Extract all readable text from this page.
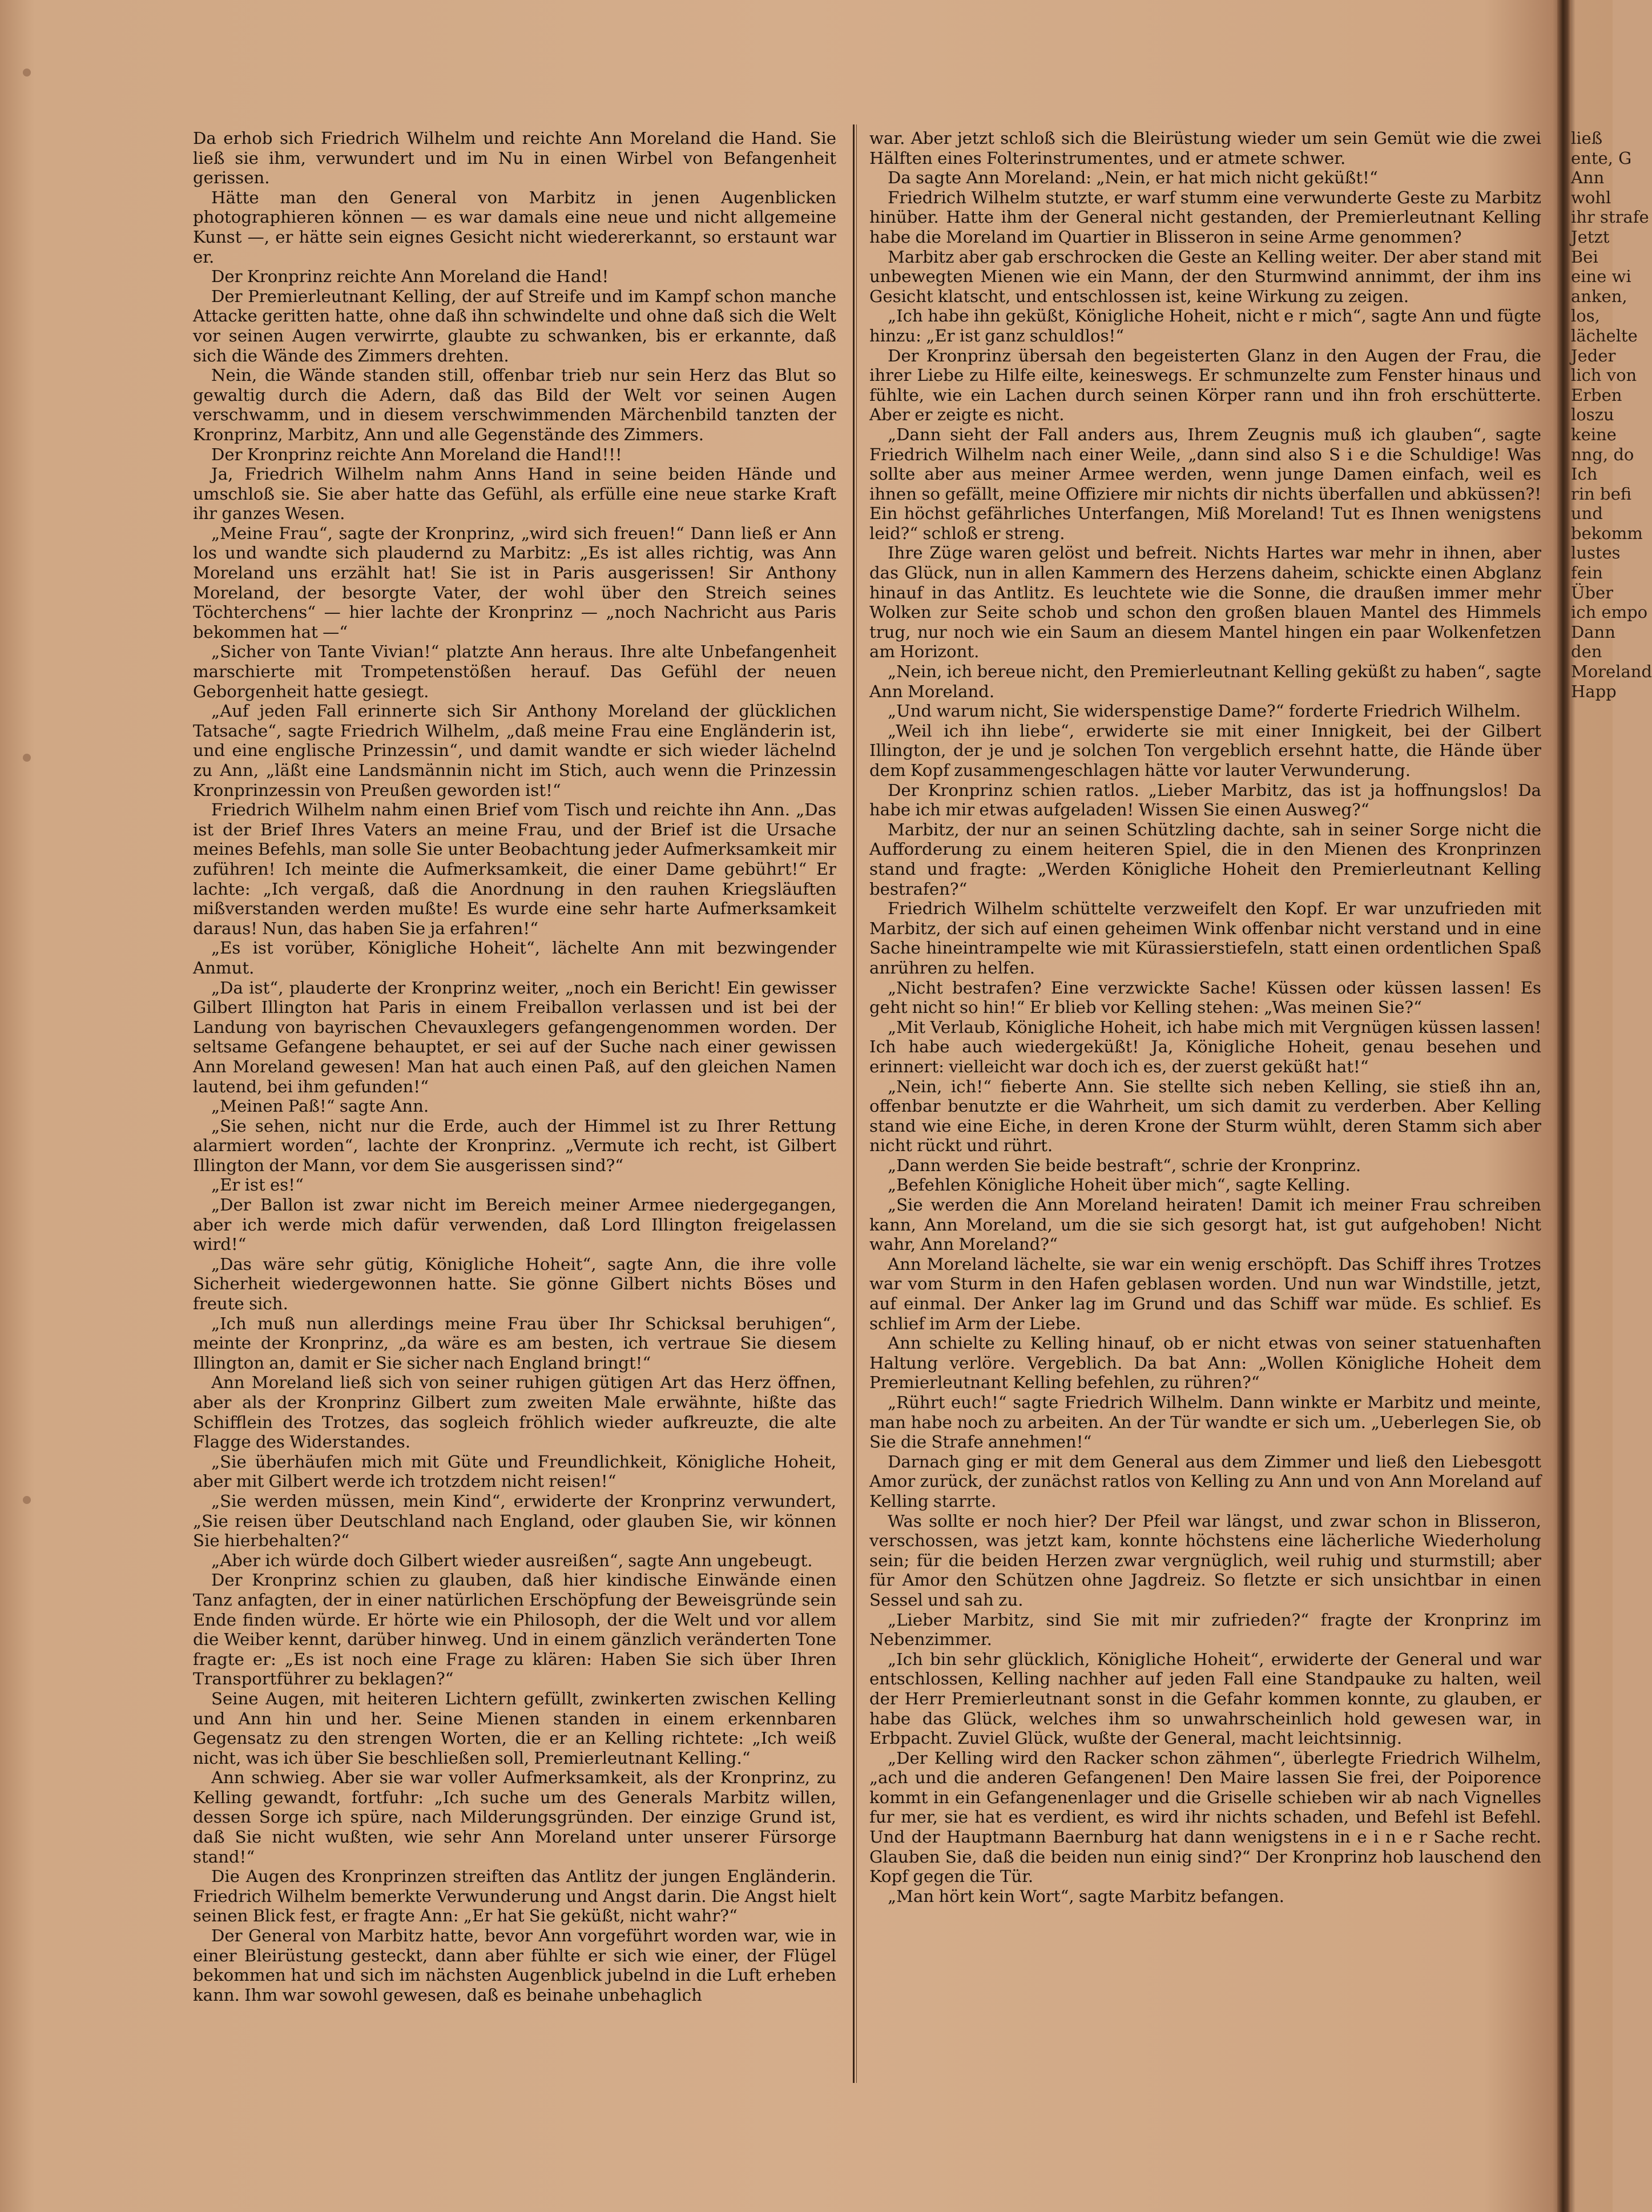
Da erhob sich Friedrich Wilhelm und reichte Ann Moreland die Hand. Sie ließ sie ihm, verwundert und im Nu in einen Wirbel von Befangenheit gerissen.

Hätte man den General von Marbitz in jenen Augenblicken photographieren können — es war damals eine neue und nicht allgemeine Kunst —, er hätte sein eignes Gesicht nicht wiedererkannt, so erstaunt war er.

Der Kronprinz reichte Ann Moreland die Hand!

Der Premierleutnant Kelling, der auf Streife und im Kampf schon manche Attacke geritten hatte, ohne daß ihn schwindelte und ohne daß sich die Welt vor seinen Augen verwirrte, glaubte zu schwanken, bis er erkannte, daß sich die Wände des Zimmers drehten.

Nein, die Wände standen still, offenbar trieb nur sein Herz das Blut so gewaltig durch die Adern, daß das Bild der Welt vor seinen Augen verschwamm, und in diesem verschwimmenden Märchenbild tanzten der Kronprinz, Marbitz, Ann und alle Gegenstände des Zimmers.

Der Kronprinz reichte Ann Moreland die Hand!!!

Ja, Friedrich Wilhelm nahm Anns Hand in seine beiden Hände und umschloß sie. Sie aber hatte das Gefühl, als erfülle eine neue starke Kraft ihr ganzes Wesen.

„Meine Frau“, sagte der Kronprinz, „wird sich freuen!“ Dann ließ er Ann los und wandte sich plaudernd zu Marbitz: „Es ist alles richtig, was Ann Moreland uns erzählt hat! Sie ist in Paris ausgerissen! Sir Anthony Moreland, der besorgte Vater, der wohl über den Streich seines Töchterchens“ — hier lachte der Kronprinz — „noch Nachricht aus Paris bekommen hat —“

„Sicher von Tante Vivian!“ platzte Ann heraus. Ihre alte Unbefangenheit marschierte mit Trompetenstößen herauf. Das Gefühl der neuen Geborgenheit hatte gesiegt.

„Auf jeden Fall erinnerte sich Sir Anthony Moreland der glücklichen Tatsache“, sagte Friedrich Wilhelm, „daß meine Frau eine Engländerin ist, und eine englische Prinzessin“, und damit wandte er sich wieder lächelnd zu Ann, „läßt eine Landsmännin nicht im Stich, auch wenn die Prinzessin Kronprinzessin von Preußen geworden ist!“

Friedrich Wilhelm nahm einen Brief vom Tisch und reichte ihn Ann. „Das ist der Brief Ihres Vaters an meine Frau, und der Brief ist die Ursache meines Befehls, man solle Sie unter Beobachtung jeder Aufmerksamkeit mir zuführen! Ich meinte die Aufmerksamkeit, die einer Dame gebührt!“ Er lachte: „Ich vergaß, daß die Anordnung in den rauhen Kriegsläuften mißverstanden werden mußte! Es wurde eine sehr harte Aufmerksamkeit daraus! Nun, das haben Sie ja erfahren!“

„Es ist vorüber, Königliche Hoheit“, lächelte Ann mit bezwingender Anmut.

„Da ist“, plauderte der Kronprinz weiter, „noch ein Bericht! Ein gewisser Gilbert Illington hat Paris in einem Freiballon verlassen und ist bei der Landung von bayrischen Chevauxlegers gefangengenommen worden. Der seltsame Gefangene behauptet, er sei auf der Suche nach einer gewissen Ann Moreland gewesen! Man hat auch einen Paß, auf den gleichen Namen lautend, bei ihm gefunden!“

„Meinen Paß!“ sagte Ann.

„Sie sehen, nicht nur die Erde, auch der Himmel ist zu Ihrer Rettung alarmiert worden“, lachte der Kronprinz. „Vermute ich recht, ist Gilbert Illington der Mann, vor dem Sie ausgerissen sind?“

„Er ist es!“

„Der Ballon ist zwar nicht im Bereich meiner Armee niedergegangen, aber ich werde mich dafür verwenden, daß Lord Illington freigelassen wird!“

„Das wäre sehr gütig, Königliche Hoheit“, sagte Ann, die ihre volle Sicherheit wiedergewonnen hatte. Sie gönne Gilbert nichts Böses und freute sich.

„Ich muß nun allerdings meine Frau über Ihr Schicksal beruhigen“, meinte der Kronprinz, „da wäre es am besten, ich vertraue Sie diesem Illington an, damit er Sie sicher nach England bringt!“

Ann Moreland ließ sich von seiner ruhigen gütigen Art das Herz öffnen, aber als der Kronprinz Gilbert zum zweiten Male erwähnte, hißte das Schifflein des Trotzes, das sogleich fröhlich wieder aufkreuzte, die alte Flagge des Widerstandes.

„Sie überhäufen mich mit Güte und Freundlichkeit, Königliche Hoheit, aber mit Gilbert werde ich trotzdem nicht reisen!“

„Sie werden müssen, mein Kind“, erwiderte der Kronprinz verwundert, „Sie reisen über Deutschland nach England, oder glauben Sie, wir können Sie hierbehalten?“

„Aber ich würde doch Gilbert wieder ausreißen“, sagte Ann ungebeugt.

Der Kronprinz schien zu glauben, daß hier kindische Einwände einen Tanz anfagten, der in einer natürlichen Erschöpfung der Beweisgründe sein Ende finden würde. Er hörte wie ein Philosoph, der die Welt und vor allem die Weiber kennt, darüber hinweg. Und in einem gänzlich veränderten Tone fragte er: „Es ist noch eine Frage zu klären: Haben Sie sich über Ihren Transportführer zu beklagen?“

Seine Augen, mit heiteren Lichtern gefüllt, zwinkerten zwischen Kelling und Ann hin und her. Seine Mienen standen in einem erkennbaren Gegensatz zu den strengen Worten, die er an Kelling richtete: „Ich weiß nicht, was ich über Sie beschließen soll, Premierleutnant Kelling.“

Ann schwieg. Aber sie war voller Aufmerksamkeit, als der Kronprinz, zu Kelling gewandt, fortfuhr: „Ich suche um des Generals Marbitz willen, dessen Sorge ich spüre, nach Milderungsgründen. Der einzige Grund ist, daß Sie nicht wußten, wie sehr Ann Moreland unter unserer Fürsorge stand!“

Die Augen des Kronprinzen streiften das Antlitz der jungen Engländerin. Friedrich Wilhelm bemerkte Verwunderung und Angst darin. Die Angst hielt seinen Blick fest, er fragte Ann: „Er hat Sie geküßt, nicht wahr?“

Der General von Marbitz hatte, bevor Ann vorgeführt worden war, wie in einer Bleirüstung gesteckt, dann aber fühlte er sich wie einer, der Flügel bekommen hat und sich im nächsten Augenblick jubelnd in die Luft erheben kann. Ihm war sowohl gewesen, daß es beinahe unbehaglich

war. Aber jetzt schloß sich die Bleirüstung wieder um sein Gemüt wie die zwei Hälften eines Folterinstrumentes, und er atmete schwer.

Da sagte Ann Moreland: „Nein, er hat mich nicht geküßt!“

Friedrich Wilhelm stutzte, er warf stumm eine verwunderte Geste zu Marbitz hinüber. Hatte ihm der General nicht gestanden, der Premierleutnant Kelling habe die Moreland im Quartier in Blisseron in seine Arme genommen?

Marbitz aber gab erschrocken die Geste an Kelling weiter. Der aber stand mit unbewegten Mienen wie ein Mann, der den Sturmwind annimmt, der ihm ins Gesicht klatscht, und entschlossen ist, keine Wirkung zu zeigen.

„Ich habe ihn geküßt, Königliche Hoheit, nicht e r mich“, sagte Ann und fügte hinzu: „Er ist ganz schuldlos!“

Der Kronprinz übersah den begeisterten Glanz in den Augen der Frau, die ihrer Liebe zu Hilfe eilte, keineswegs. Er schmunzelte zum Fenster hinaus und fühlte, wie ein Lachen durch seinen Körper rann und ihn froh erschütterte. Aber er zeigte es nicht.

„Dann sieht der Fall anders aus, Ihrem Zeugnis muß ich glauben“, sagte Friedrich Wilhelm nach einer Weile, „dann sind also S i e die Schuldige! Was sollte aber aus meiner Armee werden, wenn junge Damen einfach, weil es ihnen so gefällt, meine Offiziere mir nichts dir nichts überfallen und abküssen?! Ein höchst gefährliches Unterfangen, Miß Moreland! Tut es Ihnen wenigstens leid?“ schloß er streng.

Ihre Züge waren gelöst und befreit. Nichts Hartes war mehr in ihnen, aber das Glück, nun in allen Kammern des Herzens daheim, schickte einen Abglanz hinauf in das Antlitz. Es leuchtete wie die Sonne, die draußen immer mehr Wolken zur Seite schob und schon den großen blauen Mantel des Himmels trug, nur noch wie ein Saum an diesem Mantel hingen ein paar Wolkenfetzen am Horizont.

„Nein, ich bereue nicht, den Premierleutnant Kelling geküßt zu haben“, sagte Ann Moreland.

„Und warum nicht, Sie widerspenstige Dame?“ forderte Friedrich Wilhelm.

„Weil ich ihn liebe“, erwiderte sie mit einer Innigkeit, bei der Gilbert Illington, der je und je solchen Ton vergeblich ersehnt hatte, die Hände über dem Kopf zusammengeschlagen hätte vor lauter Verwunderung.

Der Kronprinz schien ratlos. „Lieber Marbitz, das ist ja hoffnungslos! Da habe ich mir etwas aufgeladen! Wissen Sie einen Ausweg?“

Marbitz, der nur an seinen Schützling dachte, sah in seiner Sorge nicht die Aufforderung zu einem heiteren Spiel, die in den Mienen des Kronprinzen stand und fragte: „Werden Königliche Hoheit den Premierleutnant Kelling bestrafen?“

Friedrich Wilhelm schüttelte verzweifelt den Kopf. Er war unzufrieden mit Marbitz, der sich auf einen geheimen Wink offenbar nicht verstand und in eine Sache hineintrampelte wie mit Kürassierstiefeln, statt einen ordentlichen Spaß anrühren zu helfen.

„Nicht bestrafen? Eine verzwickte Sache! Küssen oder küssen lassen! Es geht nicht so hin!“ Er blieb vor Kelling stehen: „Was meinen Sie?“

„Mit Verlaub, Königliche Hoheit, ich habe mich mit Vergnügen küssen lassen! Ich habe auch wiedergeküßt! Ja, Königliche Hoheit, genau besehen und erinnert: vielleicht war doch ich es, der zuerst geküßt hat!“

„Nein, ich!“ fieberte Ann. Sie stellte sich neben Kelling, sie stieß ihn an, offenbar benutzte er die Wahrheit, um sich damit zu verderben. Aber Kelling stand wie eine Eiche, in deren Krone der Sturm wühlt, deren Stamm sich aber nicht rückt und rührt.

„Dann werden Sie beide bestraft“, schrie der Kronprinz.

„Befehlen Königliche Hoheit über mich“, sagte Kelling.

„Sie werden die Ann Moreland heiraten! Damit ich meiner Frau schreiben kann, Ann Moreland, um die sie sich gesorgt hat, ist gut aufgehoben! Nicht wahr, Ann Moreland?“

Ann Moreland lächelte, sie war ein wenig erschöpft. Das Schiff ihres Trotzes war vom Sturm in den Hafen geblasen worden. Und nun war Windstille, jetzt, auf einmal. Der Anker lag im Grund und das Schiff war müde. Es schlief. Es schlief im Arm der Liebe.

Ann schielte zu Kelling hinauf, ob er nicht etwas von seiner statuenhaften Haltung verlöre. Vergeblich. Da bat Ann: „Wollen Königliche Hoheit dem Premierleutnant Kelling befehlen, zu rühren?“

„Rührt euch!“ sagte Friedrich Wilhelm. Dann winkte er Marbitz und meinte, man habe noch zu arbeiten. An der Tür wandte er sich um. „Ueberlegen Sie, ob Sie die Strafe annehmen!“

Darnach ging er mit dem General aus dem Zimmer und ließ den Liebesgott Amor zurück, der zunächst ratlos von Kelling zu Ann und von Ann Moreland auf Kelling starrte.

Was sollte er noch hier? Der Pfeil war längst, und zwar schon in Blisseron, verschossen, was jetzt kam, konnte höchstens eine lächerliche Wiederholung sein; für die beiden Herzen zwar vergnüglich, weil ruhig und sturmstill; aber für Amor den Schützen ohne Jagdreiz. So fletzte er sich unsichtbar in einen Sessel und sah zu.

„Lieber Marbitz, sind Sie mit mir zufrieden?“ fragte der Kronprinz im Nebenzimmer.

„Ich bin sehr glücklich, Königliche Hoheit“, erwiderte der General und war entschlossen, Kelling nachher auf jeden Fall eine Standpauke zu halten, weil der Herr Premierleutnant sonst in die Gefahr kommen konnte, zu glauben, er habe das Glück, welches ihm so unwahrscheinlich hold gewesen war, in Erbpacht. Zuviel Glück, wußte der General, macht leichtsinnig.

„Der Kelling wird den Racker schon zähmen“, überlegte Friedrich Wilhelm, „ach und die anderen Gefangenen! Den Maire lassen Sie frei, der Poiporence kommt in ein Gefangenenlager und die Griselle schieben wir ab nach Vignelles fur mer, sie hat es verdient, es wird ihr nichts schaden, und Befehl ist Befehl. Und der Hauptmann Baernburg hat dann wenigstens in e i n e r Sache recht. Glauben Sie, daß die beiden nun einig sind?“ Der Kronprinz hob lauschend den Kopf gegen die Tür.

„Man hört kein Wort“, sagte Marbitz befangen.

ließ
ente, G
Ann
wohl
ihr strafe
Jetzt
Bei
eine wi
anken,
los,
lächelte
Jeder
lich von
Erben
loszu
keine
nng, do
Ich
rin befi
und
bekomm
lustes
fein
Über
ich empo
Dann
den
Moreland
Happ
